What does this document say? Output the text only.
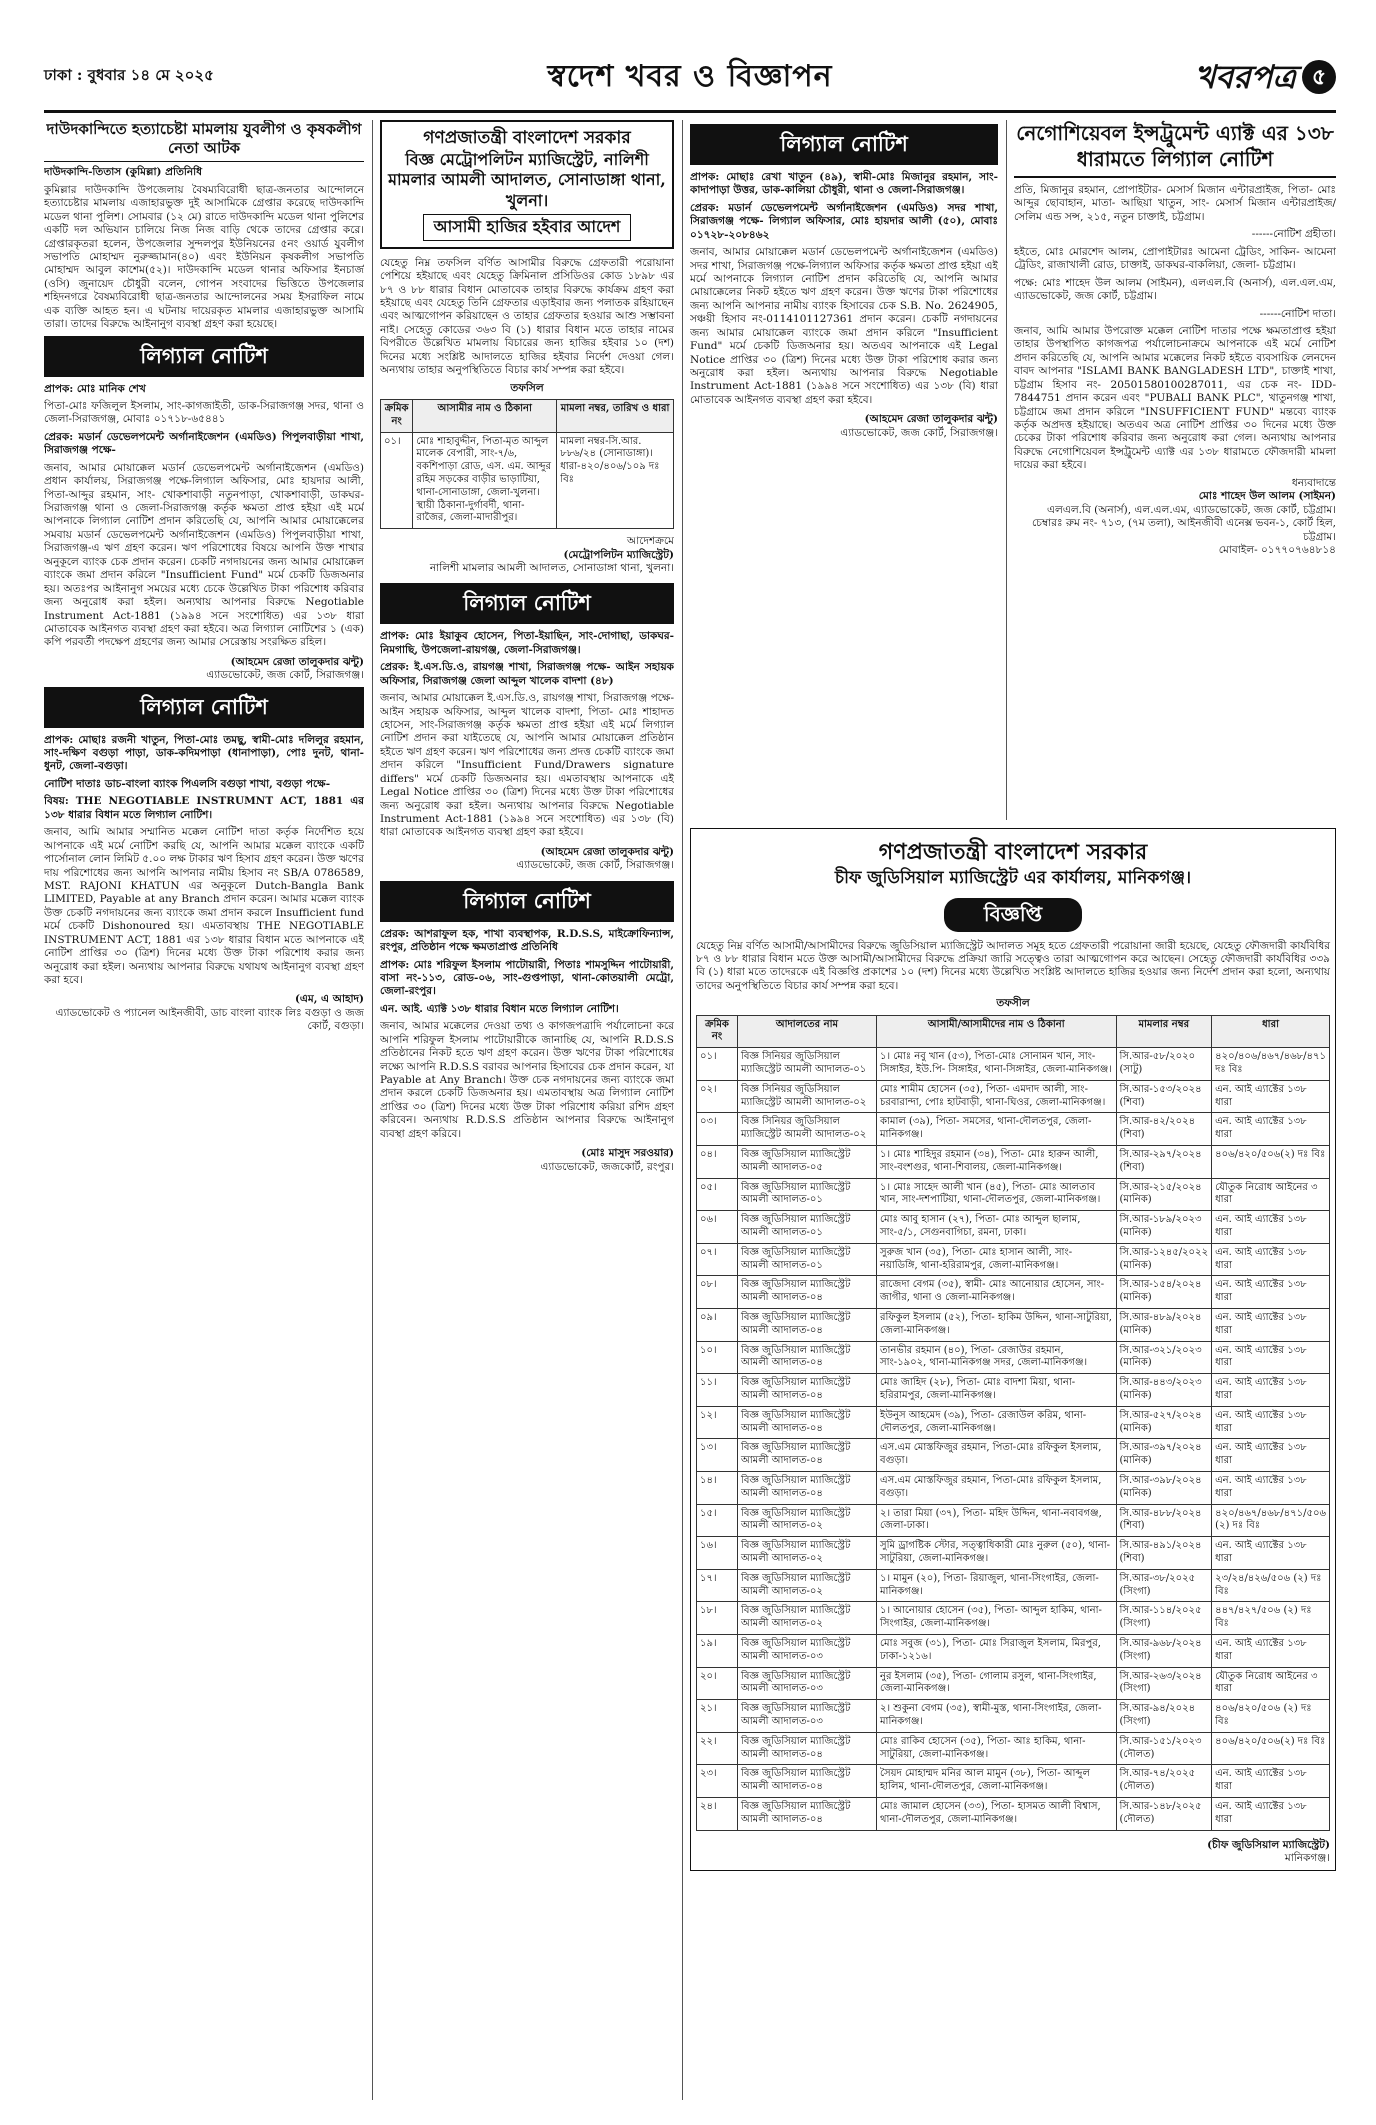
ঢাকা : বুধবার ১৪ মে ২০২৫	স্বদেশ খবর ও বিজ্ঞাপন	খবরপত্র ৫
দাউদকান্দিতে হত্যাচেষ্টা মামলায় যুবলীগ ও কৃষকলীগ নেতা আটক

দাউদকান্দি-তিতাস (কুমিল্লা) প্রতিনিধি

কুমিল্লার দাউদকান্দি উপজেলায় বৈষম্যবিরোধী ছাত্র-জনতার আন্দোলনে হত্যাচেষ্টার মামলায় এজাহারভুক্ত দুই আসামিকে গ্রেপ্তার করেছে দাউদকান্দি মডেল থানা পুলিশ। সোমবার (১২ মে) রাতে দাউদকান্দি মডেল থানা পুলিশের একটি দল অভিযান চালিয়ে নিজ নিজ বাড়ি থেকে তাদের গ্রেপ্তার করে। গ্রেপ্তারকৃতরা হলেন, উপজেলার সুন্দলপুর ইউনিয়নের ৫নং ওয়ার্ড যুবলীগ সভাপতি মোহাম্মদ নুরুজ্জামান(৪০) এবং ইউনিয়ন কৃষকলীগ সভাপতি মোহাম্মদ আবুল কাশেম(৫২)। দাউদকান্দি মডেল থানার অফিসার ইনচার্জ (ওসি) জুনায়েদ চৌধুরী বলেন, গোপন সংবাদের ভিত্তিতে উপজেলার শহিদনগরে বৈষম্যবিরোধী ছাত্র-জনতার আন্দোলনের সময় ইসরাফিল নামে এক ব্যক্তি আহত হন। এ ঘটনায় দায়েরকৃত মামলার এজাহারভুক্ত আসামি তারা। তাদের বিরুদ্ধে আইনানুগ ব্যবস্থা গ্রহণ করা হয়েছে।

লিগ্যাল নোটিশ

প্রাপক: মোঃ মানিক শেখ

পিতা-মোঃ ফজিলুল ইসলাম, সাং-কাগজাইতী, ডাক-সিরাজগঞ্জ সদর, থানা ও জেলা-সিরাজগঞ্জ, মোবাঃ ০১৭১৮-৬৫৪৪১

প্রেরক: মডার্ন ডেভেলপমেন্ট অর্গানাইজেশন (এমডিও) পিপুলবাড়ীয়া শাখা, সিরাজগঞ্জ পক্ষে-

জনাব, আমার মোয়াক্কেল মডার্ন ডেভেলপমেন্ট অর্গানাইজেশন (এমডিও) প্রধান কার্যালয়, সিরাজগঞ্জ পক্ষে-লিগ্যাল অফিসার, মোঃ হায়দার আলী, পিতা-আব্দুর রহমান, সাং- খোকশাবাড়ী নতুনপাড়া, খোকশাবাড়ী, ডাকঘর-সিরাজগঞ্জ থানা ও জেলা-সিরাজগঞ্জ কর্তৃক ক্ষমতা প্রাপ্ত হইয়া এই মর্মে আপনাকে লিগ্যাল নোটিশ প্রদান করিতেছি যে, আপনি আমার মোয়াক্কেলের সমবায় মডার্ন ডেভেলপমেন্ট অর্গানাইজেশন (এমডিও) পিপুলবাড়ীয়া শাখা, সিরাজগঞ্জ-এ ঋণ গ্রহণ করেন। ঋণ পরিশোধের বিষয়ে আপনি উক্ত শাখার অনুকূলে ব্যাংক চেক প্রদান করেন। চেকটি নগদায়নের জন্য আমার মোয়াক্কেল ব্যাংকে জমা প্রদান করিলে "Insufficient Fund" মর্মে চেকটি ডিজঅনার হয়। অতঃপর আইনানুগ সময়ের মধ্যে চেকে উল্লেখিত টাকা পরিশোধ করিবার জন্য অনুরোধ করা হইল। অন্যথায় আপনার বিরুদ্ধে Negotiable Instrument Act-1881 (১৯৯৪ সনে সংশোধিত) এর ১৩৮ ধারা মোতাবেক আইনগত ব্যবস্থা গ্রহণ করা হইবে। অত্র লিগ্যাল নোটিশের ১ (এক) কপি পরবর্তী পদক্ষেপ গ্রহণের জন্য আমার সেরেস্তায় সংরক্ষিত রহিল।

(আহমেদ রেজা তালুকদার ঝন্টু)
এ্যাডভোকেট, জজ কোর্ট, সিরাজগঞ্জ।
লিগ্যাল নোটিশ

প্রাপক: মোছাঃ রজনী খাতুন, পিতা-মোঃ তমছু, স্বামী-মোঃ দলিলুর রহমান, সাং-দক্ষিণ বগুড়া পাড়া, ডাক-কদিমপাড়া (ধানাপাড়া), পোঃ দুনট, থানা-ধুনট, জেলা-বগুড়া।

নোটিশ দাতাঃ ডাচ-বাংলা ব্যাংক পিএলসি বগুড়া শাখা, বগুড়া পক্ষে-

বিষয়: THE NEGOTIABLE INSTRUMNT ACT, 1881 এর ১৩৮ ধারার বিধান মতে লিগ্যাল নোটিশ।

জনাব, আমি আমার সম্মানিত মক্কেল নোটিশ দাতা কর্তৃক নির্দেশিত হয়ে আপনাকে এই মর্মে নোটিশ করছি যে, আপনি আমার মক্কেল ব্যাংকে একটি পার্সোনাল লোন লিমিট ৫.০০ লক্ষ টাকার ঋণ হিসাব গ্রহণ করেন। উক্ত ঋণের দায় পরিশোধের জন্য আপনি আপনার নামীয় হিসাব নং SB/A 0786589, MST. RAJONI KHATUN এর অনুকূলে Dutch-Bangla Bank LIMITED, Payable at any Branch প্রদান করেন। আমার মক্কেল ব্যাংক উক্ত চেকটি নগদায়নের জন্য ব্যাংকে জমা প্রদান করলে Insufficient fund মর্মে চেকটি Dishonoured হয়। এমতাবস্থায় THE NEGOTIABLE INSTRUMENT ACT, 1881 এর ১৩৮ ধারার বিধান মতে আপনাকে এই নোটিশ প্রাপ্তির ৩০ (ত্রিশ) দিনের মধ্যে উক্ত টাকা পরিশোধ করার জন্য অনুরোধ করা হইল। অন্যথায় আপনার বিরুদ্ধে যথাযথ আইনানুগ ব্যবস্থা গ্রহণ করা হবে।

(এম, এ আহাদ)
এ্যাডভোকেট ও প্যানেল আইনজীবী, ডাচ বাংলা ব্যাংক লিঃ বগুড়া ও জজ কোর্ট, বগুড়া।
গণপ্রজাতন্ত্রী বাংলাদেশ সরকার
বিজ্ঞ মেট্রোপলিটন ম্যাজিস্ট্রেট, নালিশী মামলার আমলী আদালত, সোনাডাঙ্গা থানা, খুলনা।
আসামী হাজির হইবার আদেশ

যেহেতু নিম্ন তফসিল বর্ণিত আসামীর বিরুদ্ধে গ্রেফতারী পরোয়ানা পেশিয়ে হইয়াছে এবং যেহেতু ক্রিমিনাল প্রসিডিওর কোড ১৮৯৮ এর ৮৭ ও ৮৮ ধারার বিধান মোতাবেক তাহার বিরুদ্ধে কার্যক্রম গ্রহণ করা হইয়াছে এবং যেহেতু তিনি গ্রেফতার এড়াইবার জন্য পলাতক রহিয়াছেন এবং আত্মগোপন করিয়াছেন ও তাহার গ্রেফতার হওয়ার আশু সম্ভাবনা নাই। সেহেতু কোডের ৩৬৩ বি (১) ধারার বিধান মতে তাহার নামের বিপরীতে উল্লেখিত মামলায় বিচারের জন্য হাজির হইবার ১০ (দশ) দিনের মধ্যে সংশ্লিষ্ট আদালতে হাজির হইবার নির্দেশ দেওয়া গেল। অন্যথায় তাহার অনুপস্থিতিতে বিচার কার্য সম্পন্ন করা হইবে।

তফসিল

ক্রমিক নং	আসামীর নাম ও ঠিকানা	মামলা নম্বর, তারিখ ও ধারা
০১।	মোঃ শাহাবুদ্দীন, পিতা-মৃত আব্দুল মালেক বেপারী, সাং-৭/৬, বকশিপাড়া রোড, এস. এম. আব্দুর রহিম সড়কের বাড়ীর ভাড়াটিয়া, থানা-সোনাডাঙ্গা, জেলা-খুলনা। স্থায়ী ঠিকানা-দুর্গাবর্দী, থানা-রাজৈর, জেলা-মাদারীপুর।	মামলা নম্বর-সি.আর. ৮৮৬/২৪ (সোনাডাঙ্গা)। ধারা-৪২০/৪০৬/১০৯ দঃ বিঃ
আদেশক্রমে
(মেট্রোপলিটন ম্যাজিস্ট্রেট)
নালিশী মামলার আমলী আদালত, সোনাডাঙ্গা থানা, খুলনা।
লিগ্যাল নোটিশ

প্রাপক: মোঃ ইয়াকুব হোসেন, পিতা-ইয়াছিন, সাং-দোগাছা, ডাকঘর-নিমগাছি, উপজেলা-রায়গঞ্জ, জেলা-সিরাজগঞ্জ।

প্রেরক: ই.এস.ডি.ও, রায়গঞ্জ শাখা, সিরাজগঞ্জ পক্ষে- আইন সহায়ক অফিসার, সিরাজগঞ্জ জেলা আব্দুল খালেক বাদশা (৪৮)

জনাব, আমার মোয়াক্কেল ই.এস.ডি.ও, রায়গঞ্জ শাখা, সিরাজগঞ্জ পক্ষে- আইন সহায়ক অফিসার, আব্দুল খালেক বাদশা, পিতা- মোঃ শাহাদত হোসেন, সাং-সিরাজগঞ্জ কর্তৃক ক্ষমতা প্রাপ্ত হইয়া এই মর্মে লিগ্যাল নোটিশ প্রদান করা যাইতেছে যে, আপনি আমার মোয়াক্কেল প্রতিষ্ঠান হইতে ঋণ গ্রহণ করেন। ঋণ পরিশোধের জন্য প্রদত্ত চেকটি ব্যাংকে জমা প্রদান করিলে "Insufficient Fund/Drawers signature differs" মর্মে চেকটি ডিজঅনার হয়। এমতাবস্থায় আপনাকে এই Legal Notice প্রাপ্তির ৩০ (ত্রিশ) দিনের মধ্যে উক্ত টাকা পরিশোধের জন্য অনুরোধ করা হইল। অন্যথায় আপনার বিরুদ্ধে Negotiable Instrument Act-1881 (১৯৯৪ সনে সংশোধিত) এর ১৩৮ (বি) ধারা মোতাবেক আইনগত ব্যবস্থা গ্রহণ করা হইবে।

(আহমেদ রেজা তালুকদার ঝন্টু)
এ্যাডভোকেট, জজ কোর্ট, সিরাজগঞ্জ।
লিগ্যাল নোটিশ

প্রেরক: আশরাফুল হক, শাখা ব্যবস্থাপক, R.D.S.S, মাইক্রোফিন্যান্স, রংপুর, প্রতিষ্ঠান পক্ষে ক্ষমতাপ্রাপ্ত প্রতিনিধি

প্রাপক: মোঃ শরিফুল ইসলাম পাটোয়ারী, পিতাঃ শামসুদ্দিন পাটোয়ারী, বাসা নং-১১৩, রোড-০৬, সাং-গুপ্তপাড়া, থানা-কোতয়ালী মেট্রো, জেলা-রংপুর।

এন. আই. এ্যাক্ট ১৩৮ ধারার বিধান মতে লিগ্যাল নোটিশ।

জনাব, আমার মক্কেলের দেওয়া তথ্য ও কাগজপত্রাদি পর্যালোচনা করে আপনি শরিফুল ইসলাম পাটোয়ারীকে জানাচ্ছি যে, আপনি R.D.S.S প্রতিষ্ঠানের নিকট হতে ঋণ গ্রহণ করেন। উক্ত ঋণের টাকা পরিশোধের লক্ষ্যে আপনি R.D.S.S বরাবর আপনার হিসাবের চেক প্রদান করেন, যা Payable at Any Branch। উক্ত চেক নগদায়নের জন্য ব্যাংকে জমা প্রদান করলে চেকটি ডিজঅনার হয়। এমতাবস্থায় অত্র লিগ্যাল নোটিশ প্রাপ্তির ৩০ (ত্রিশ) দিনের মধ্যে উক্ত টাকা পরিশোধ করিয়া রশিদ গ্রহণ করিবেন। অন্যথায় R.D.S.S প্রতিষ্ঠান আপনার বিরুদ্ধে আইনানুগ ব্যবস্থা গ্রহণ করিবে।

(মোঃ মাসুদ সরওয়ার)
এ্যাডভোকেট, জজকোর্ট, রংপুর।
লিগ্যাল নোটিশ

প্রাপক: মোছাঃ রেখা খাতুন (৪৯), স্বামী-মোঃ মিজানুর রহমান, সাং-কাদাপাড়া উত্তর, ডাক-কালিয়া চৌধুরী, থানা ও জেলা-সিরাজগঞ্জ।

প্রেরক: মডার্ন ডেভেলপমেন্ট অর্গানাইজেশন (এমডিও) সদর শাখা, সিরাজগঞ্জ পক্ষে- লিগ্যাল অফিসার, মোঃ হায়দার আলী (৫০), মোবাঃ ০১৭২৮-২০৮৪৬২

জনাব, আমার মোয়াক্কেল মডার্ন ডেভেলপমেন্ট অর্গানাইজেশন (এমডিও) সদর শাখা, সিরাজগঞ্জ পক্ষে-লিগ্যাল অফিসার কর্তৃক ক্ষমতা প্রাপ্ত হইয়া এই মর্মে আপনাকে লিগ্যাল নোটিশ প্রদান করিতেছি যে, আপনি আমার মোয়াক্কেলের নিকট হইতে ঋণ গ্রহণ করেন। উক্ত ঋণের টাকা পরিশোধের জন্য আপনি আপনার নামীয় ব্যাংক হিসাবের চেক S.B. No. 2624905, সঞ্চয়ী হিসাব নং-0114101127361 প্রদান করেন। চেকটি নগদায়নের জন্য আমার মোয়াক্কেল ব্যাংকে জমা প্রদান করিলে "Insufficient Fund" মর্মে চেকটি ডিজঅনার হয়। অতএব আপনাকে এই Legal Notice প্রাপ্তির ৩০ (ত্রিশ) দিনের মধ্যে উক্ত টাকা পরিশোধ করার জন্য অনুরোধ করা হইল। অন্যথায় আপনার বিরুদ্ধে Negotiable Instrument Act-1881 (১৯৯৪ সনে সংশোধিত) এর ১৩৮ (বি) ধারা মোতাবেক আইনগত ব্যবস্থা গ্রহণ করা হইবে।

(আহমেদ রেজা তালুকদার ঝন্টু)
এ্যাডভোকেট, জজ কোর্ট, সিরাজগঞ্জ।
নেগোশিয়েবল ইন্সট্রুমেন্ট এ্যাক্ট এর ১৩৮ ধারামতে লিগ্যাল নোটিশ

প্রতি, মিজানুর রহমান, প্রোপাইটার- মেসার্স মিজান এন্টারপ্রাইজ, পিতা- মোঃ আব্দুর ছোবাহান, মাতা- আছিয়া খাতুন, সাং- মেসার্স মিজান এন্টারপ্রাইজ/সেলিম এন্ড সন্স, ২১৫, নতুন চাক্তাই, চট্টগ্রাম।

------নোটিশ গ্রহীতা।

হইতে, মোঃ মোরশেদ আলম, প্রোপাইটারঃ আমেনা ট্রেডিং, সাকিন- আমেনা ট্রেডিং, রাজাখালী রোড, চাক্তাই, ডাকঘর-বাকলিয়া, জেলা- চট্টগ্রাম।

পক্ষে: মোঃ শাহেদ উল আলম (সাইমন), এলএল.বি (অনার্স), এল.এল.এম, এ্যাডভোকেট, জজ কোর্ট, চট্টগ্রাম।

------নোটিশ দাতা।

জনাব, আমি আমার উপরোক্ত মক্কেল নোটিশ দাতার পক্ষে ক্ষমতাপ্রাপ্ত হইয়া তাহার উপস্থাপিত কাগজপত্র পর্যালোচনাক্রমে আপনাকে এই মর্মে নোটিশ প্রদান করিতেছি যে, আপনি আমার মক্কেলের নিকট হইতে ব্যবসায়িক লেনদেন বাবদ আপনার "ISLAMI BANK BANGLADESH LTD", চাক্তাই শাখা, চট্টগ্রাম হিসাব নং- 20501580100287011, এর চেক নং- IDD-7844751 প্রদান করেন এবং "PUBALI BANK PLC", খাতুনগঞ্জ শাখা, চট্টগ্রামে জমা প্রদান করিলে "INSUFFICIENT FUND" মন্তব্যে ব্যাংক কর্তৃক অপ্রদত্ত হইয়াছে। অতএব অত্র নোটিশ প্রাপ্তির ৩০ দিনের মধ্যে উক্ত চেকের টাকা পরিশোধ করিবার জন্য অনুরোধ করা গেল। অন্যথায় আপনার বিরুদ্ধে নেগোশিয়েবল ইন্সট্রুমেন্ট এ্যাক্ট এর ১৩৮ ধারামতে ফৌজদারী মামলা দায়ের করা হইবে।

ধন্যবাদান্তে
মোঃ শাহেদ উল আলম (সাইমন)
এলএল.বি (অনার্স), এল.এল.এম, এ্যাডভোকেট, জজ কোর্ট, চট্টগ্রাম।
চেম্বারঃ রুম নং- ৭১৩, (৭ম তলা), আইনজীবী এনেক্স ভবন-১, কোর্ট হিল, চট্টগ্রাম।
মোবাইল- ০১৭৭০৭৬৪৮১৪
গণপ্রজাতন্ত্রী বাংলাদেশ সরকার
চীফ জুডিসিয়াল ম্যাজিস্ট্রেট এর কার্যালয়, মানিকগঞ্জ।
বিজ্ঞপ্তি

যেহেতু নিম্ন বর্ণিত আসামী/আসামীদের বিরুদ্ধে জুডিসিয়াল ম্যাজিস্ট্রেট আদালত সমূহ হতে গ্রেফতারী পরোয়ানা জারী হয়েছে, যেহেতু ফৌজদারী কার্যবিধির ৮৭ ও ৮৮ ধারার বিধান মতে উক্ত আসামী/আসামীদের বিরুদ্ধে প্রক্রিয়া জারি সত্ত্বেও তারা আত্মগোপন করে আছেন। সেহেতু ফৌজদারী কার্যবিধির ৩৩৯ বি (১) ধারা মতে তাদেরকে এই বিজ্ঞপ্তি প্রকাশের ১০ (দশ) দিনের মধ্যে উল্লেখিত সংশ্লিষ্ট আদালতে হাজির হওয়ার জন্য নির্দেশ প্রদান করা হলো, অন্যথায় তাদের অনুপস্থিতিতে বিচার কার্য সম্পন্ন করা হবে।

তফসীল

ক্রমিক নং	আদালতের নাম	আসামী/আসামীদের নাম ও ঠিকানা	মামলার নম্বর	ধারা
০১।	বিজ্ঞ সিনিয়র জুডিসিয়াল ম্যাজিস্ট্রেট আমলী আদালত-০১	১। মোঃ নবু খান (৫৩), পিতা-মোঃ সোনামন খান, সাং- সিঙ্গাইর, ইউ.পি- সিঙ্গাইর, থানা-সিঙ্গাইর, জেলা-মানিকগঞ্জ।	সি.আর-৫৮/২০২০ (সাটু)	৪২০/৪০৬/৪৬৭/৪৬৮/৪৭১ দঃ বিঃ
০২।	বিজ্ঞ সিনিয়র জুডিসিয়াল ম্যাজিস্ট্রেট আমলী আদালত-০২	মোঃ শামীম হোসেন (৩৫), পিতা- এমদাদ আলী, সাং- চরবারান্দা, পোঃ হাটবাড়ী, থানা-ঘিওর, জেলা-মানিকগঞ্জ।	সি.আর-১৫৩/২০২৪ (শিবা)	এন. আই এ্যাক্টের ১৩৮ ধারা
০৩।	বিজ্ঞ সিনিয়র জুডিসিয়াল ম্যাজিস্ট্রেট আমলী আদালত-০২	কামাল (৩৯), পিতা- সমসের, থানা-দৌলতপুর, জেলা-মানিকগঞ্জ।	সি.আর-৪২/২০২৪ (শিবা)	এন. আই এ্যাক্টের ১৩৮ ধারা
০৪।	বিজ্ঞ জুডিসিয়াল ম্যাজিস্ট্রেট আমলী আদালত-০৫	১। মোঃ শাহিদুর রহমান (৩৪), পিতা- মোঃ হারুন আলী, সাং-বংশগুর, থানা-শিবালয়, জেলা-মানিকগঞ্জ।	সি.আর-২৯৭/২০২৪ (শিবা)	৪০৬/৪২০/৫০৬(২) দঃ বিঃ
০৫।	বিজ্ঞ জুডিসিয়াল ম্যাজিস্ট্রেট আমলী আদালত-০১	১। মোঃ সাহেদ আলী খান (৪৫), পিতা- মোঃ আলতাব খান, সাং-দশপাটিয়া, থানা-দৌলতপুর, জেলা-মানিকগঞ্জ।	সি.আর-২১৫/২০২৪ (মানিক)	যৌতুক নিরোধ আইনের ৩ ধারা
০৬।	বিজ্ঞ জুডিসিয়াল ম্যাজিস্ট্রেট আমলী আদালত-০১	মোঃ আবু হাসান (২৭), পিতা- মোঃ আব্দুল ছালাম, সাং-৫/১, সেগুনবাগিচা, রমনা, ঢাকা।	সি.আর-১৮৯/২০২৩ (মানিক)	এন. আই এ্যাক্টের ১৩৮ ধারা
০৭।	বিজ্ঞ জুডিসিয়াল ম্যাজিস্ট্রেট আমলী আদালত-০১	সুরুজ খান (৩৫), পিতা- মোঃ হাসান আলী, সাং- নয়াডিঙ্গি, থানা-হরিরামপুর, জেলা-মানিকগঞ্জ।	সি.আর-১২৪৫/২০২২ (মানিক)	এন. আই এ্যাক্টের ১৩৮ ধারা
০৮।	বিজ্ঞ জুডিসিয়াল ম্যাজিস্ট্রেট আমলী আদালত-০৪	রাজেদা বেগম (৩৫), স্বামী- মোঃ আনোয়ার হোসেন, সাং- জাগীর, থানা ও জেলা-মানিকগঞ্জ।	সি.আর-১৫৪/২০২৪ (মানিক)	এন. আই এ্যাক্টের ১৩৮ ধারা
০৯।	বিজ্ঞ জুডিসিয়াল ম্যাজিস্ট্রেট আমলী আদালত-০৪	রফিকুল ইসলাম (৫২), পিতা- হাকিম উদ্দিন, থানা-সাটুরিয়া, জেলা-মানিকগঞ্জ।	সি.আর-৪৮৯/২০২৪ (মানিক)	এন. আই এ্যাক্টের ১৩৮ ধারা
১০।	বিজ্ঞ জুডিসিয়াল ম্যাজিস্ট্রেট আমলী আদালত-০৪	তানভীর রহমান (৪০), পিতা- রেজাউর রহমান, সাং-১৯০২, থানা-মানিকগঞ্জ সদর, জেলা-মানিকগঞ্জ।	সি.আর-৩২১/২০২৩ (মানিক)	এন. আই এ্যাক্টের ১৩৮ ধারা
১১।	বিজ্ঞ জুডিসিয়াল ম্যাজিস্ট্রেট আমলী আদালত-০৪	মোঃ জাহিদ (২৮), পিতা- মোঃ বাদশা মিয়া, থানা-হরিরামপুর, জেলা-মানিকগঞ্জ।	সি.আর-৪৪৩/২০২৩ (মানিক)	এন. আই এ্যাক্টের ১৩৮ ধারা
১২।	বিজ্ঞ জুডিসিয়াল ম্যাজিস্ট্রেট আমলী আদালত-০৪	ইউনুস আহমেদ (৩৯), পিতা- রেজাউল করিম, থানা-দৌলতপুর, জেলা-মানিকগঞ্জ।	সি.আর-৫২৭/২০২৪ (মানিক)	এন. আই এ্যাক্টের ১৩৮ ধারা
১৩।	বিজ্ঞ জুডিসিয়াল ম্যাজিস্ট্রেট আমলী আদালত-০৪	এস.এম মোস্তফিজুর রহমান, পিতা-মোঃ রফিকুল ইসলাম, বগুড়া।	সি.আর-৩৯৭/২০২৪ (মানিক)	এন. আই এ্যাক্টের ১৩৮ ধারা
১৪।	বিজ্ঞ জুডিসিয়াল ম্যাজিস্ট্রেট আমলী আদালত-০৪	এস.এম মোস্তফিজুর রহমান, পিতা-মোঃ রফিকুল ইসলাম, বগুড়া।	সি.আর-৩৯৮/২০২৪ (মানিক)	এন. আই এ্যাক্টের ১৩৮ ধারা
১৫।	বিজ্ঞ জুডিসিয়াল ম্যাজিস্ট্রেট আমলী আদালত-০২	২। তারা মিয়া (৩৭), পিতা- মহিদ উদ্দিন, থানা-নবাবগঞ্জ, জেলা-ঢাকা।	সি.আর-৪৮৮/২০২৪ (শিবা)	৪২০/৪৬৭/৪৬৮/৪৭১/৫০৬ (২) দঃ বিঃ
১৬।	বিজ্ঞ জুডিসিয়াল ম্যাজিস্ট্রেট আমলী আদালত-০২	সুমি ড্রাগষ্টিক স্টোর, সত্ত্বাধিকারী মোঃ নুরুল (৫০), থানা-সাটুরিয়া, জেলা-মানিকগঞ্জ।	সি.আর-৪৯১/২০২৪ (শিবা)	এন. আই এ্যাক্টের ১৩৮ ধারা
১৭।	বিজ্ঞ জুডিসিয়াল ম্যাজিস্ট্রেট আমলী আদালত-০২	১। মামুন (২০), পিতা- রিয়াজুল, থানা-সিংগাইর, জেলা-মানিকগঞ্জ।	সি.আর-৩৮/২০২৫ (সিংগা)	২৩/২৪/৪২৬/৫০৬ (২) দঃ বিঃ
১৮।	বিজ্ঞ জুডিসিয়াল ম্যাজিস্ট্রেট আমলী আদালত-০২	১। আনোয়ার হোসেন (৩৫), পিতা- আব্দুল হাকিম, থানা-সিংগাইর, জেলা-মানিকগঞ্জ।	সি.আর-১১৪/২০২৫ (সিংগা)	৪৪৭/৪২৭/৫০৬ (২) দঃ বিঃ
১৯।	বিজ্ঞ জুডিসিয়াল ম্যাজিস্ট্রেট আমলী আদালত-০৩	মোঃ সবুজ (৩১), পিতা- মোঃ সিরাজুল ইসলাম, মিরপুর, ঢাকা-১২১৬।	সি.আর-৯৬৮/২০২৪ (সিংগা)	এন. আই এ্যাক্টের ১৩৮ ধারা
২০।	বিজ্ঞ জুডিসিয়াল ম্যাজিস্ট্রেট আমলী আদালত-০৩	নুর ইসলাম (৩৫), পিতা- গোলাম রসুল, থানা-সিংগাইর, জেলা-মানিকগঞ্জ।	সি.আর-২৬৩/২০২৪ (সিংগা)	যৌতুক নিরোধ আইনের ৩ ধারা
২১।	বিজ্ঞ জুডিসিয়াল ম্যাজিস্ট্রেট আমলী আদালত-০৩	২। শুকুনা বেগম (৩৫), স্বামী-মুস্ত, থানা-সিংগাইর, জেলা-মানিকগঞ্জ।	সি.আর-৯৪/২০২৪ (সিংগা)	৪০৬/৪২০/৫০৬ (২) দঃ বিঃ
২২।	বিজ্ঞ জুডিসিয়াল ম্যাজিস্ট্রেট আমলী আদালত-০৪	মোঃ রাকিব হোসেন (৩৫), পিতা- আঃ হাকিম, থানা-সাটুরিয়া, জেলা-মানিকগঞ্জ।	সি.আর-১৫১/২০২৩ (দৌলত)	৪০৬/৪২০/৫০৬(২) দঃ বিঃ
২৩।	বিজ্ঞ জুডিসিয়াল ম্যাজিস্ট্রেট আমলী আদালত-০৪	সৈয়দ মোহাম্মদ মনির আল মামুন (৩৮), পিতা- আব্দুল হালিম, থানা-দৌলতপুর, জেলা-মানিকগঞ্জ।	সি.আর-৭৪/২০২৫ (দৌলত)	এন. আই এ্যাক্টের ১৩৮ ধারা
২৪।	বিজ্ঞ জুডিসিয়াল ম্যাজিস্ট্রেট আমলী আদালত-০৪	মোঃ জামাল হোসেন (৩৩), পিতা- হাসমত আলী বিশ্বাস, থানা-দৌলতপুর, জেলা-মানিকগঞ্জ।	সি.আর-১৪৮/২০২৫ (দৌলত)	এন. আই এ্যাক্টের ১৩৮ ধারা
(চীফ জুডিসিয়াল ম্যাজিস্ট্রেট)
মানিকগঞ্জ।
